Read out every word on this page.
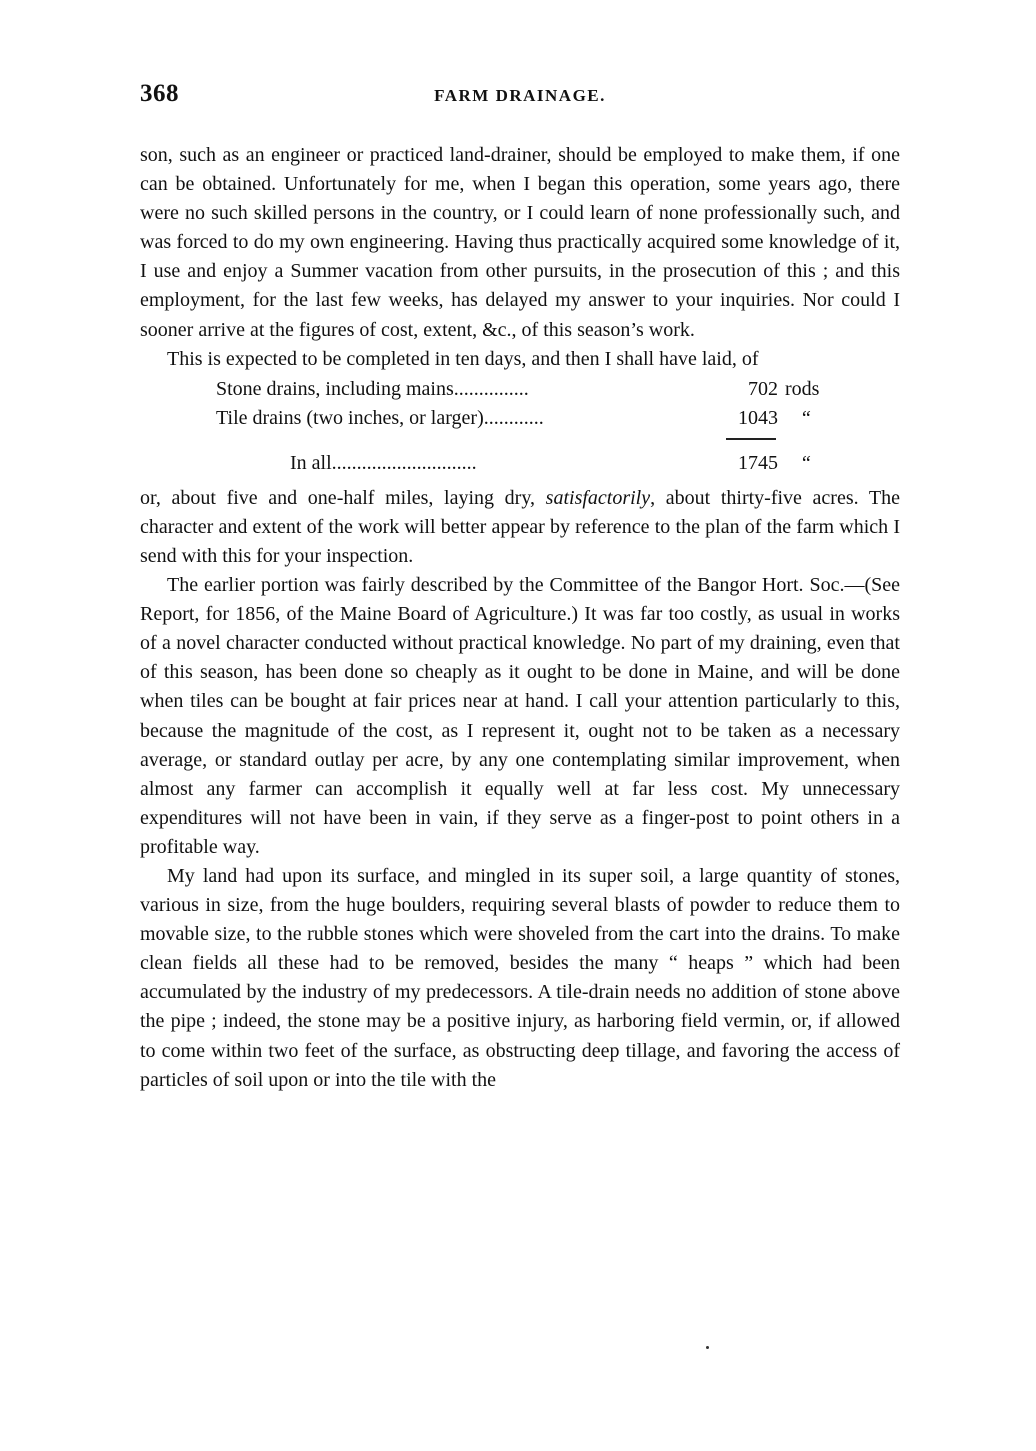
368	FARM DRAINAGE.

son, such as an engineer or practiced land-drainer, should be employed to make them, if one can be obtained. Unfortunately for me, when I began this operation, some years ago, there were no such skilled persons in the country, or I could learn of none professionally such, and was forced to do my own engineering. Having thus practically acquired some knowledge of it, I use and enjoy a Summer vacation from other pursuits, in the prosecution of this ; and this employment, for the last few weeks, has delayed my answer to your inquiries. Nor could I sooner arrive at the figures of cost, extent, &c., of this season’s work.

This is expected to be completed in ten days, and then I shall have laid, of

Stone drains, including mains...............	702 rods
Tile drains (two inches, or larger)............	1043 “
In all.............................	1745 “

or, about five and one-half miles, laying dry, satisfactorily, about thirty-five acres. The character and extent of the work will better appear by reference to the plan of the farm which I send with this for your inspection.

The earlier portion was fairly described by the Committee of the Bangor Hort. Soc.—(See Report, for 1856, of the Maine Board of Agriculture.) It was far too costly, as usual in works of a novel character conducted without practical knowledge. No part of my draining, even that of this season, has been done so cheaply as it ought to be done in Maine, and will be done when tiles can be bought at fair prices near at hand. I call your attention particularly to this, because the magnitude of the cost, as I represent it, ought not to be taken as a necessary average, or standard outlay per acre, by any one contemplating similar improvement, when almost any farmer can accomplish it equally well at far less cost. My unnecessary expenditures will not have been in vain, if they serve as a finger-post to point others in a profitable way.

My land had upon its surface, and mingled in its super soil, a large quantity of stones, various in size, from the huge boulders, requiring several blasts of powder to reduce them to movable size, to the rubble stones which were shoveled from the cart into the drains. To make clean fields all these had to be removed, besides the many “ heaps ” which had been accumulated by the industry of my predecessors. A tile-drain needs no addition of stone above the pipe ; indeed, the stone may be a positive injury, as harboring field vermin, or, if allowed to come within two feet of the surface, as obstructing deep tillage, and favoring the access of particles of soil upon or into the tile with the
